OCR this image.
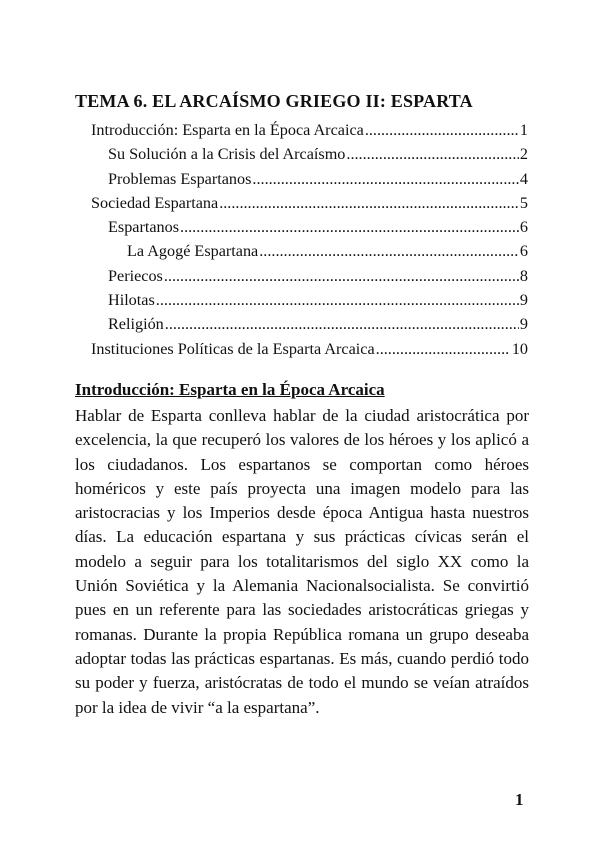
TEMA 6. EL ARCAÍSMO GRIEGO II: ESPARTA
Introducción: Esparta en la Época Arcaica .....	1
Su Solución a la Crisis del Arcaísmo .....	2
Problemas Espartanos .....	4
Sociedad Espartana .....	5
Espartanos .....	6
La Agogé Espartana .....	6
Periecos .....	8
Hilotas .....	9
Religión .....	9
Instituciones Políticas de la Esparta Arcaica .....	10
Introducción: Esparta en la Época Arcaica

Hablar de Esparta conlleva hablar de la ciudad aristocrática por excelencia, la que recuperó los valores de los héroes y los aplicó a los ciudadanos. Los espartanos se comportan como héroes homéricos y este país proyecta una imagen modelo para las aristocracias y los Imperios desde época Antigua hasta nuestros días. La educación espartana y sus prácticas cívicas serán el modelo a seguir para los totalitarismos del siglo XX como la Unión Soviética y la Alemania Nacionalsocialista. Se convirtió pues en un referente para las sociedades aristocráticas griegas y romanas. Durante la propia República romana un grupo deseaba adoptar todas las prácticas espartanas. Es más, cuando perdió todo su poder y fuerza, aristócratas de todo el mundo se veían atraídos por la idea de vivir “a la espartana”.

1
